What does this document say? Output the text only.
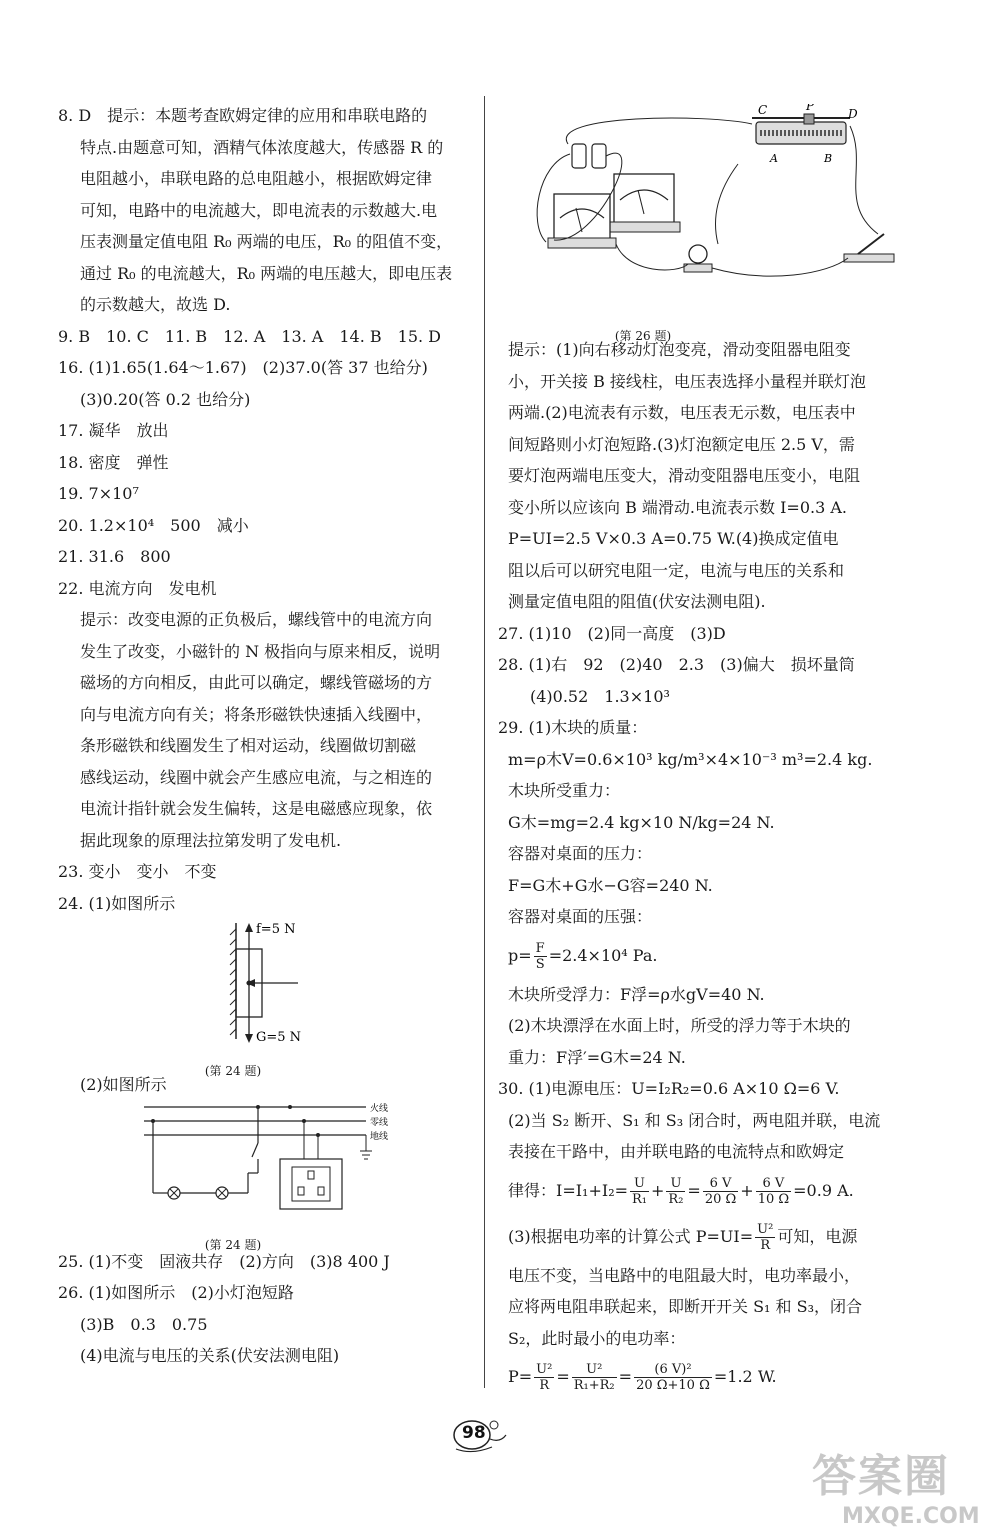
8. D　提示：本题考查欧姆定律的应用和串联电路的
特点.由题意可知，酒精气体浓度越大，传感器 R 的
电阻越小，串联电路的总电阻越小，根据欧姆定律
可知，电路中的电流越大，即电流表的示数越大.电
压表测量定值电阻 R₀ 两端的电压，R₀ 的阻值不变，
通过 R₀ 的电流越大，R₀ 两端的电压越大，即电压表
的示数越大，故选 D.
9. B　10. C　11. B　12. A　13. A　14. B　15. D
16. (1)1.65(1.64～1.67)　(2)37.0(答 37 也给分)
(3)0.20(答 0.2 也给分)
17. 凝华　放出
18. 密度　弹性
19. 7×10⁷
20. 1.2×10⁴　500　减小
21. 31.6　800
22. 电流方向　发电机
提示：改变电源的正负极后，螺线管中的电流方向
发生了改变，小磁针的 N 极指向与原来相反，说明
磁场的方向相反，由此可以确定，螺线管磁场的方
向与电流方向有关；将条形磁铁快速插入线圈中，
条形磁铁和线圈发生了相对运动，线圈做切割磁
感线运动，线圈中就会产生感应电流，与之相连的
电流计指针就会发生偏转，这是电磁感应现象，依
据此现象的原理法拉第发明了发电机.
23. 变小　变小　不变
24. (1)如图所示
f=5 N
G=5 N
(第 24 题)
(2)如图所示
火线
零线
地线
(第 24 题)
25. (1)不变　固液共存　(2)方向　(3)8 400 J
26. (1)如图所示　(2)小灯泡短路
(3)B　0.3　0.75
(4)电流与电压的关系(伏安法测电阻)
C	P
D
A	B
(第 26 题)
提示：(1)向右移动灯泡变亮，滑动变阻器电阻变
小，开关接 B 接线柱，电压表选择小量程并联灯泡
两端.(2)电流表有示数，电压表无示数，电压表中
间短路则小灯泡短路.(3)灯泡额定电压 2.5 V，需
要灯泡两端电压变大，滑动变阻器电压变小，电阻
变小所以应该向 B 端滑动.电流表示数 I=0.3 A.
P=UI=2.5 V×0.3 A=0.75 W.(4)换成定值电
阻以后可以研究电阻一定，电流与电压的关系和
测量定值电阻的阻值(伏安法测电阻).
27. (1)10　(2)同一高度　(3)D
28. (1)右　92　(2)40　2.3　(3)偏大　损坏量筒
(4)0.52　1.3×10³
29. (1)木块的质量：
m=ρ木V=0.6×10³ kg/m³×4×10⁻³ m³=2.4 kg.
木块所受重力：
G木=mg=2.4 kg×10 N/kg=24 N.
容器对桌面的压力：
F=G木+G水−G容=240 N.
容器对桌面的压强：
$p= \frac{F}{S} =2.4\times 10^4$ Pa.
木块所受浮力：F浮=ρ水gV=40 N.
(2)木块漂浮在水面上时，所受的浮力等于木块的
重力：F浮′=G木=24 N.
30. (1)电源电压：U=I₂R₂=0.6 A×10 Ω=6 V.
(2)当 S₂ 断开、S₁ 和 S₃ 闭合时，两电阻并联，电流
表接在干路中，由并联电路的电流特点和欧姆定
律得：$I=I_1+I_2= \frac{U}{\text{R₁}} + \frac{U}{\text{R₂}} = \frac{6 V}{20 \Omega} + \frac{6 V}{10 \Omega} =0.9$ A.
(3)根据电功率的计算公式 $P=UI= \frac{\text{U²}}{R}$ 可知，电源
电压不变，当电路中的电阻最大时，电功率最小，
应将两电阻串联起来，即断开开关 S₁ 和 S₃，闭合
S₂，此时最小的电功率：
$P= \frac{\text{U²}}{R} = \frac{\text{U²}}{\text{R₁+R₂}} = \frac{\text{(6 V)²}}{20 \Omega+10 \Omega} =1.2$ W.
98
答案圈
MXQE.COM
